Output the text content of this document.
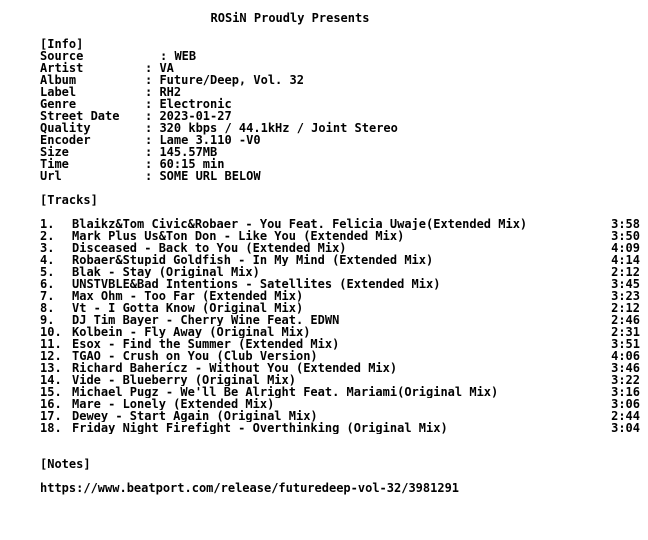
ROSiN Proudly Presents
[Info]
Source	: WEB
Artist	: VA
Album	: Future/Deep, Vol. 32
Label	: RH2
Genre	: Electronic
Street Date	: 2023-01-27
Quality	: 320 kbps / 44.1kHz / Joint Stereo
Encoder	: Lame 3.110 -V0
Size	: 145.57MB
Time	: 60:15 min
Url	: SOME URL BELOW
[Tracks]
1.	Blaikz&Tom Civic&Robaer - You Feat. Felicia Uwaje(Extended Mix)	3:58
2.	Mark Plus Us&Ton Don - Like You (Extended Mix)	3:50
3.	Disceased - Back to You (Extended Mix)	4:09
4.	Robaer&Stupid Goldfish - In My Mind (Extended Mix)	4:14
5.	Blak - Stay (Original Mix)	2:12
6.	UNSTVBLE&Bad Intentions - Satellites (Extended Mix)	3:45
7.	Max Ohm - Too Far (Extended Mix)	3:23
8.	Vt - I Gotta Know (Original Mix)	2:12
9.	DJ Tim Bayer - Cherry Wine Feat. EDWN	2:46
10. Kolbein - Fly Away (Original Mix)	2:31
11. Esox - Find the Summer (Extended Mix)	3:51
12. TGAO - Crush on You (Club Version)	4:06
13. Richard Baherícz - Without You (Extended Mix)	3:46
14. Vide - Blueberry (Original Mix)	3:22
15. Michael Pugz - We'll Be Alright Feat. Mariami(Original Mix)	3:16
16. Mare - Lonely (Extended Mix)	3:06
17. Dewey - Start Again (Original Mix)	2:44
18. Friday Night Firefight - Overthinking (Original Mix)	3:04
[Notes]
https://www.beatport.com/release/futuredeep-vol-32/3981291
